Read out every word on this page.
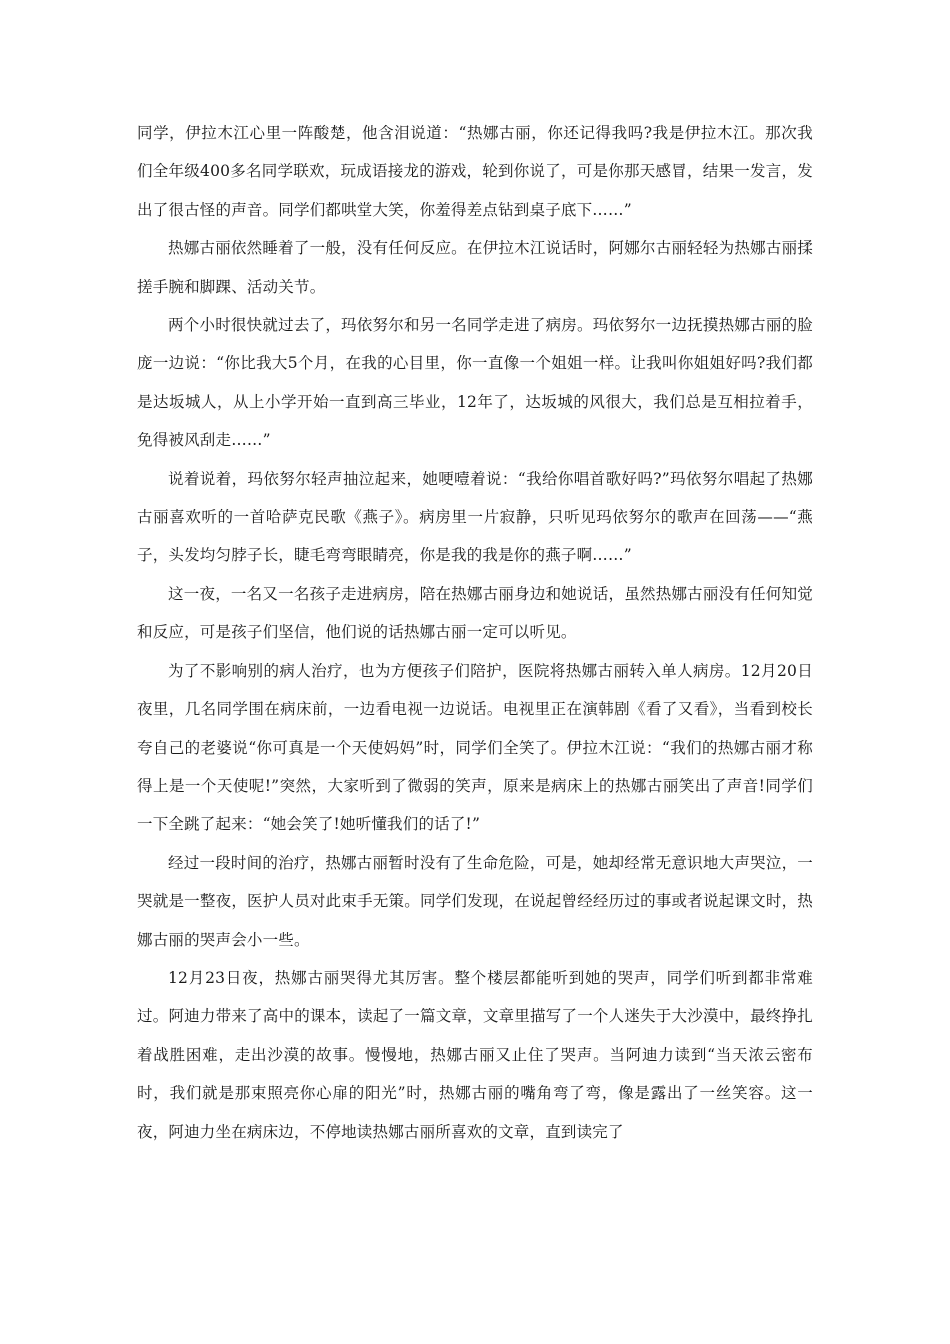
同学，伊拉木江心里一阵酸楚，他含泪说道：“热娜古丽，你还记得我吗?我是伊拉木江。那次我们全年级400多名同学联欢，玩成语接龙的游戏，轮到你说了，可是你那天感冒，结果一发言，发出了很古怪的声音。同学们都哄堂大笑，你羞得差点钻到桌子底下……”

热娜古丽依然睡着了一般，没有任何反应。在伊拉木江说话时，阿娜尔古丽轻轻为热娜古丽揉搓手腕和脚踝、活动关节。

两个小时很快就过去了，玛依努尔和另一名同学走进了病房。玛依努尔一边抚摸热娜古丽的脸庞一边说：“你比我大5个月，在我的心目里，你一直像一个姐姐一样。让我叫你姐姐好吗?我们都是达坂城人，从上小学开始一直到高三毕业，12年了，达坂城的风很大，我们总是互相拉着手，免得被风刮走……”

说着说着，玛依努尔轻声抽泣起来，她哽噎着说：“我给你唱首歌好吗?”玛依努尔唱起了热娜古丽喜欢听的一首哈萨克民歌《燕子》。病房里一片寂静，只听见玛依努尔的歌声在回荡——“燕子，头发均匀脖子长，睫毛弯弯眼睛亮，你是我的我是你的燕子啊……”

这一夜，一名又一名孩子走进病房，陪在热娜古丽身边和她说话，虽然热娜古丽没有任何知觉和反应，可是孩子们坚信，他们说的话热娜古丽一定可以听见。

为了不影响别的病人治疗，也为方便孩子们陪护，医院将热娜古丽转入单人病房。12月20日夜里，几名同学围在病床前，一边看电视一边说话。电视里正在演韩剧《看了又看》，当看到校长夸自己的老婆说“你可真是一个天使妈妈”时，同学们全笑了。伊拉木江说：“我们的热娜古丽才称得上是一个天使呢!”突然，大家听到了微弱的笑声，原来是病床上的热娜古丽笑出了声音!同学们一下全跳了起来：“她会笑了!她听懂我们的话了!”

经过一段时间的治疗，热娜古丽暂时没有了生命危险，可是，她却经常无意识地大声哭泣，一哭就是一整夜，医护人员对此束手无策。同学们发现，在说起曾经经历过的事或者说起课文时，热娜古丽的哭声会小一些。

12月23日夜，热娜古丽哭得尤其厉害。整个楼层都能听到她的哭声，同学们听到都非常难过。阿迪力带来了高中的课本，读起了一篇文章，文章里描写了一个人迷失于大沙漠中，最终挣扎着战胜困难，走出沙漠的故事。慢慢地，热娜古丽又止住了哭声。当阿迪力读到“当天浓云密布时，我们就是那束照亮你心扉的阳光”时，热娜古丽的嘴角弯了弯，像是露出了一丝笑容。这一夜，阿迪力坐在病床边，不停地读热娜古丽所喜欢的文章，直到读完了
